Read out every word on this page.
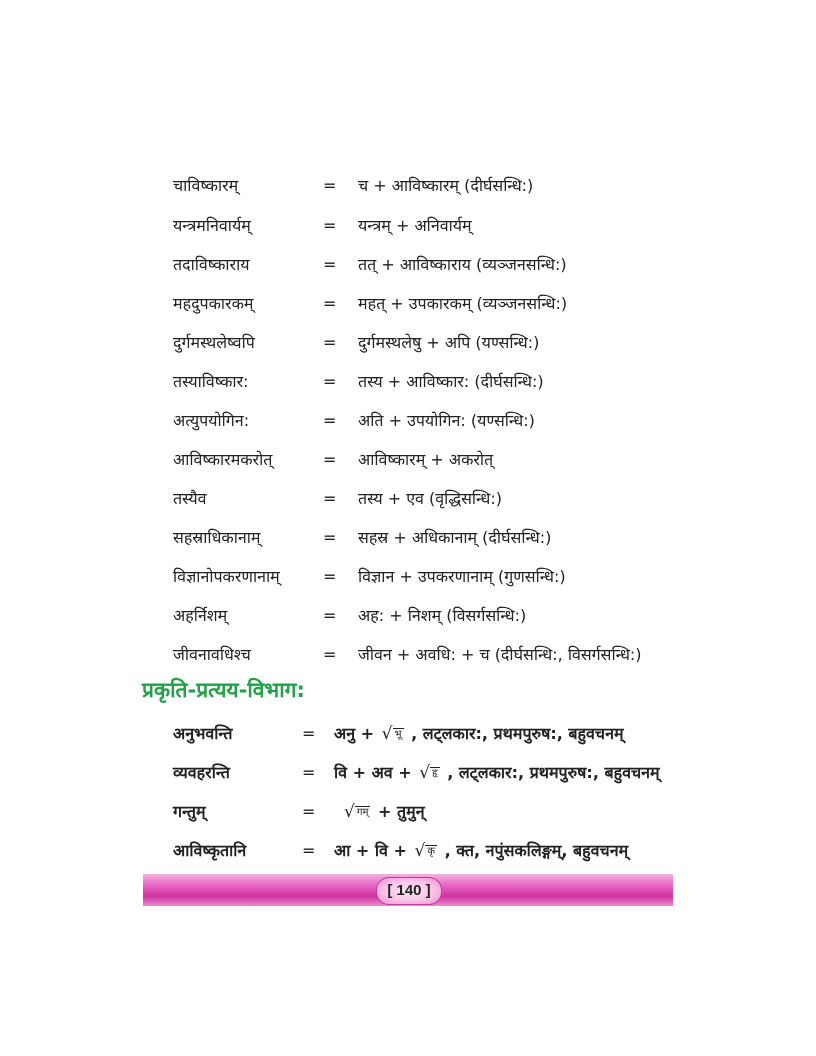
चाविष्कारम्	= च + आविष्कारम् (दीर्घसन्धि:)
यन्त्रमनिवार्यम्	= यन्त्रम् + अनिवार्यम्
तदाविष्काराय	= तत् + आविष्काराय (व्यञ्जनसन्धि:)
महदुपकारकम्	= महत् + उपकारकम् (व्यञ्जनसन्धि:)
दुर्गमस्थलेष्वपि	= दुर्गमस्थलेषु + अपि (यण्सन्धि:)
तस्याविष्कार:	= तस्य + आविष्कार: (दीर्घसन्धि:)
अत्युपयोगिन:	= अति + उपयोगिन: (यण्सन्धि:)
आविष्कारमकरोत्	= आविष्कारम् + अकरोत्
तस्यैव	= तस्य + एव (वृद्धिसन्धि:)
सहस्राधिकानाम्	= सहस्र + अधिकानाम् (दीर्घसन्धि:)
विज्ञानोपकरणानाम्	= विज्ञान + उपकरणानाम् (गुणसन्धि:)
अहर्निशम्	= अह: + निशम् (विसर्गसन्धि:)
जीवनावधिश्च	= जीवन + अवधि: + च (दीर्घसन्धि:, विसर्गसन्धि:)
प्रकृति-प्रत्यय-विभाग:
अनुभवन्ति	= अनु + √ भू , लट्लकार:, प्रथमपुरुष:, बहुवचनम्
व्यवहरन्ति	= वि + अव + √ हृ , लट्लकार:, प्रथमपुरुष:, बहुवचनम्
गन्तुम्	= √ गम् + तुमुन्
आविष्कृतानि	= आ + वि + √ कृ , क्त, नपुंसकलिङ्गम्, बहुवचनम्
[ 140 ]
